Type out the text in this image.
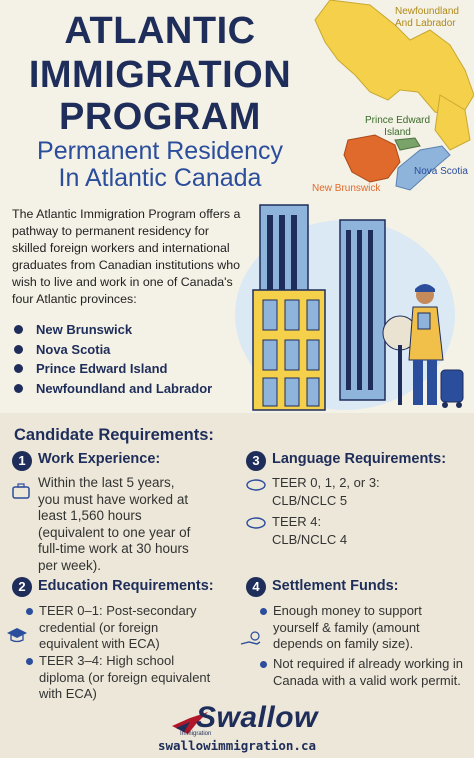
Newfoundland
And Labrador
Prince Edward
Island
Nova Scotia
New Brunswick
ATLANTIC
IMMIGRATION
PROGRAM
Permanent Residency
In Atlantic Canada
The Atlantic Immigration Program offers a pathway to permanent residency for skilled foreign workers and international graduates from Canadian institutions who wish to live and work in one of Canada's four Atlantic provinces:
New Brunswick
Nova Scotia
Prince Edward Island
Newfoundland and Labrador
Candidate Requirements:
1 Work Experience:
Within the last 5 years, you must have worked at least 1,560 hours (equivalent to one year of full-time work at 30 hours per week).
3 Language Requirements:
TEER 0, 1, 2, or 3:
CLB/NCLC 5
TEER 4:
CLB/NCLC 4
2 Education Requirements:
TEER 0–1: Post-secondary credential (or foreign equivalent with ECA)
TEER 3–4: High school diploma (or foreign equivalent with ECA)
4 Settlement Funds:
Enough money to support yourself & family (amount depends on family size).
Not required if already working in Canada with a valid work permit.
Swallow
Immigration
swallowimmigration.ca
